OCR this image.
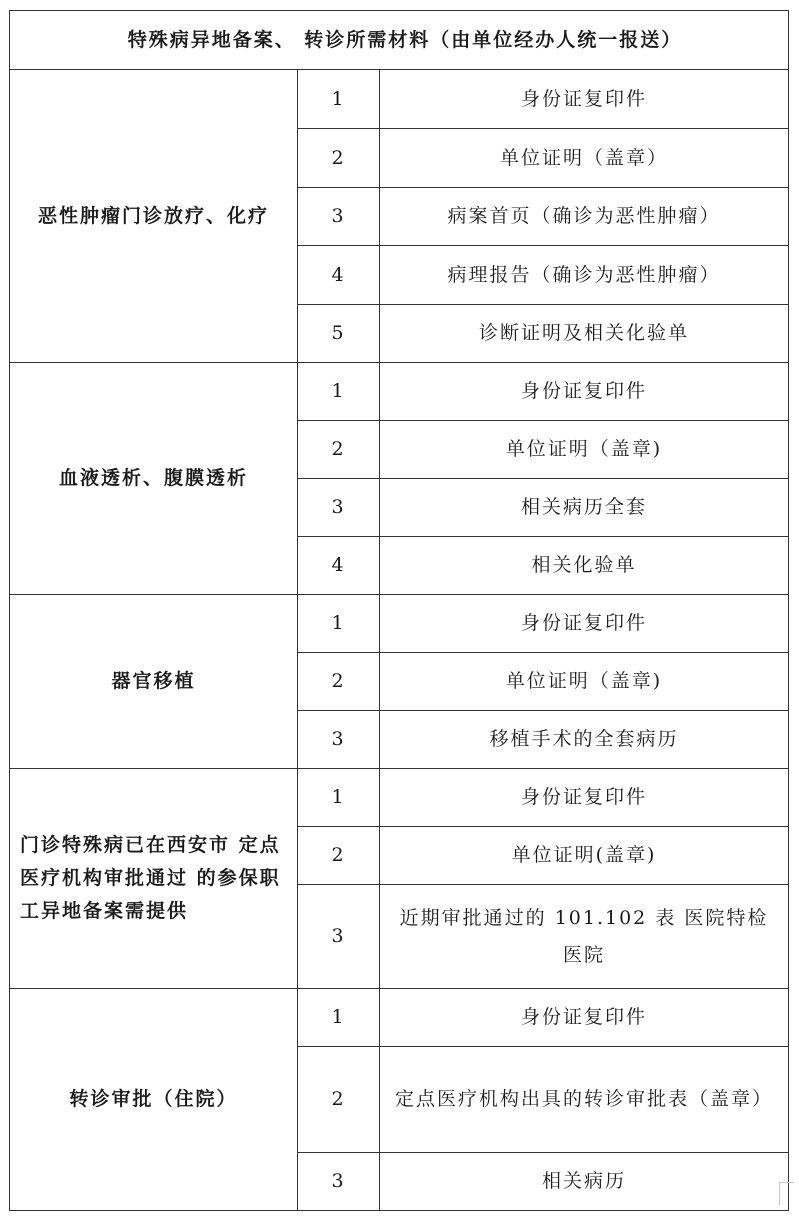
特殊病异地备案、 转诊所需材料（由单位经办人统一报送）		
恶性肿瘤门诊放疗、化疗	1	身份证复印件
	2	单位证明（盖章）
	3	病案首页（确诊为恶性肿瘤）
	4	病理报告（确诊为恶性肿瘤）
	5	诊断证明及相关化验单
血液透析、腹膜透析	1	身份证复印件
	2	单位证明（盖章)
	3	相关病历全套
	4	相关化验单
器官移植	1	身份证复印件
	2	单位证明（盖章)
	3	移植手术的全套病历
门诊特殊病已在西安市 定点医疗机构审批通过 的参保职工异地备案需提供	1	身份证复印件
	2	单位证明(盖章)
	3	近期审批通过的 101.102 表 医院特检医院
转诊审批（住院）	1	身份证复印件
	2	定点医疗机构出具的转诊审批表（盖章）
	3	相关病历
